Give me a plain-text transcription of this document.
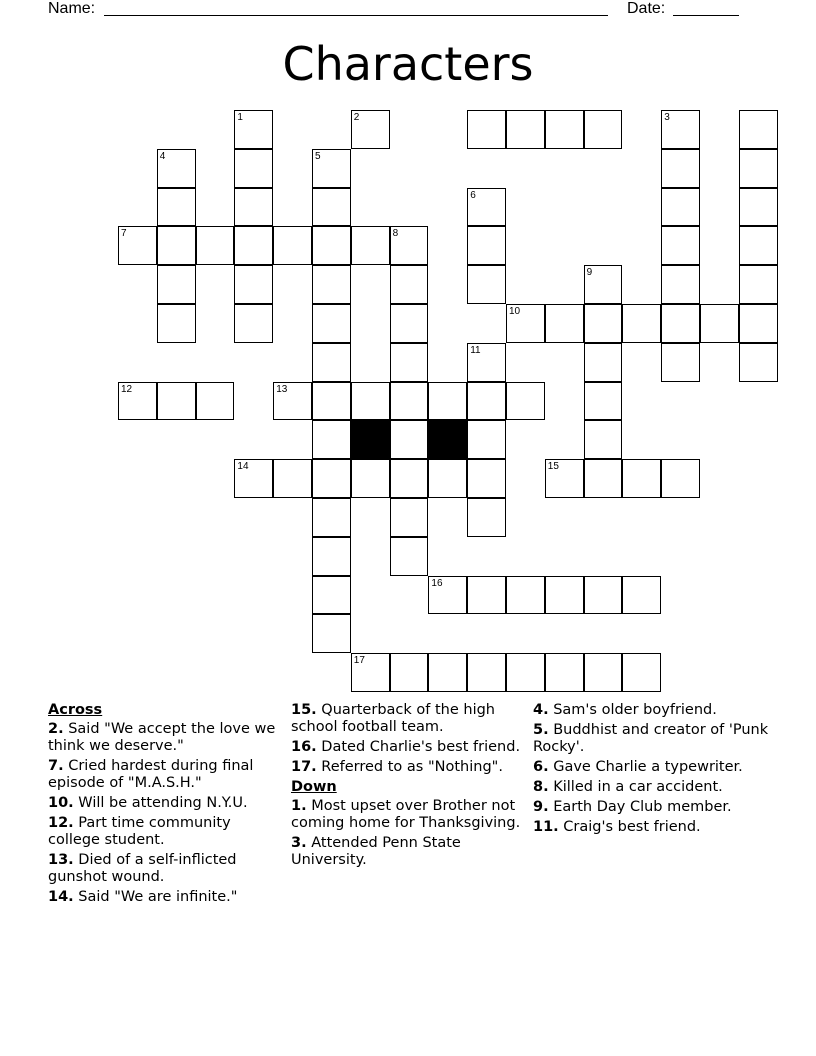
Name:	Date:
Characters
1	2	3
4	5
6
7	8
9
10
11
12	13
14	15
16
17
Across
2. Said "We accept the love we think we deserve."
7. Cried hardest during final episode of "M.A.S.H."
10. Will be attending N.Y.U.
12. Part time community college student.
13. Died of a self-inflicted gunshot wound.
14. Said "We are infinite."
15. Quarterback of the high school football team.
16. Dated Charlie's best friend.
17. Referred to as "Nothing".
Down
1. Most upset over Brother not coming home for Thanksgiving.
3. Attended Penn State University.
4. Sam's older boyfriend.
5. Buddhist and creator of 'Punk Rocky'.
6. Gave Charlie a typewriter.
8. Killed in a car accident.
9. Earth Day Club member.
11. Craig's best friend.
